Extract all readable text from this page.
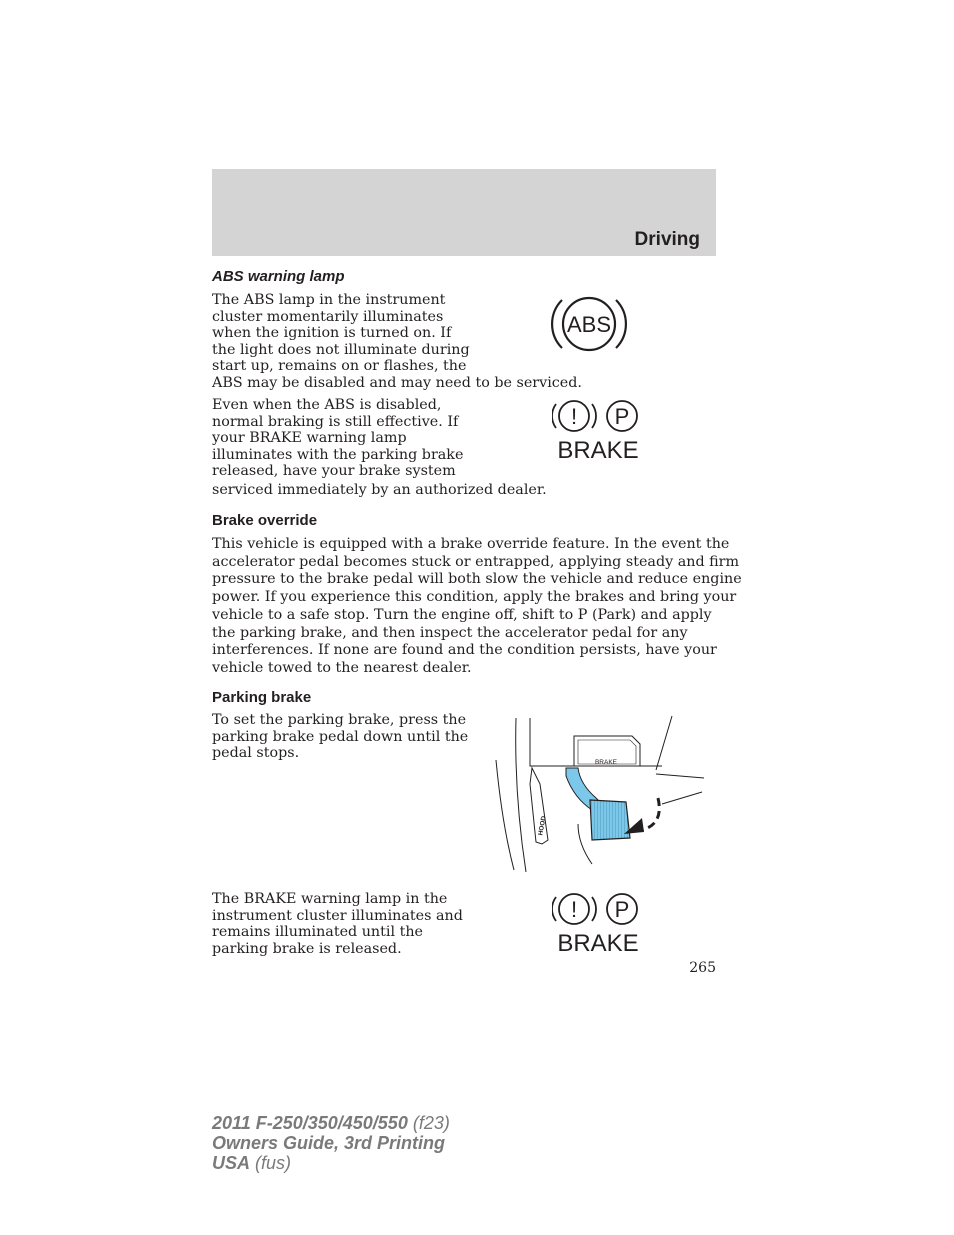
Driving
ABS warning lamp

The ABS lamp in the instrument
cluster momentarily illuminates
when the ignition is turned on. If
the light does not illuminate during
start up, remains on or flashes, the
ABS may be disabled and may need to be serviced.

ABS

Even when the ABS is disabled,
normal braking is still effective. If
your BRAKE warning lamp
illuminates with the parking brake
released, have your brake system
serviced immediately by an authorized dealer.

! P
BRAKE
Brake override

This vehicle is equipped with a brake override feature. In the event the
accelerator pedal becomes stuck or entrapped, applying steady and firm
pressure to the brake pedal will both slow the vehicle and reduce engine
power. If you experience this condition, apply the brakes and bring your
vehicle to a safe stop. Turn the engine off, shift to P (Park) and apply
the parking brake, and then inspect the accelerator pedal for any
interferences. If none are found and the condition persists, have your
vehicle towed to the nearest dealer.

Parking brake

To set the parking brake, press the
parking brake pedal down until the
pedal stops.

BRAKE
HOOD

The BRAKE warning lamp in the
instrument cluster illuminates and
remains illuminated until the
parking brake is released.

! P
BRAKE
265
2011 F-250/350/450/550 (f23)
Owners Guide, 3rd Printing
USA (fus)
